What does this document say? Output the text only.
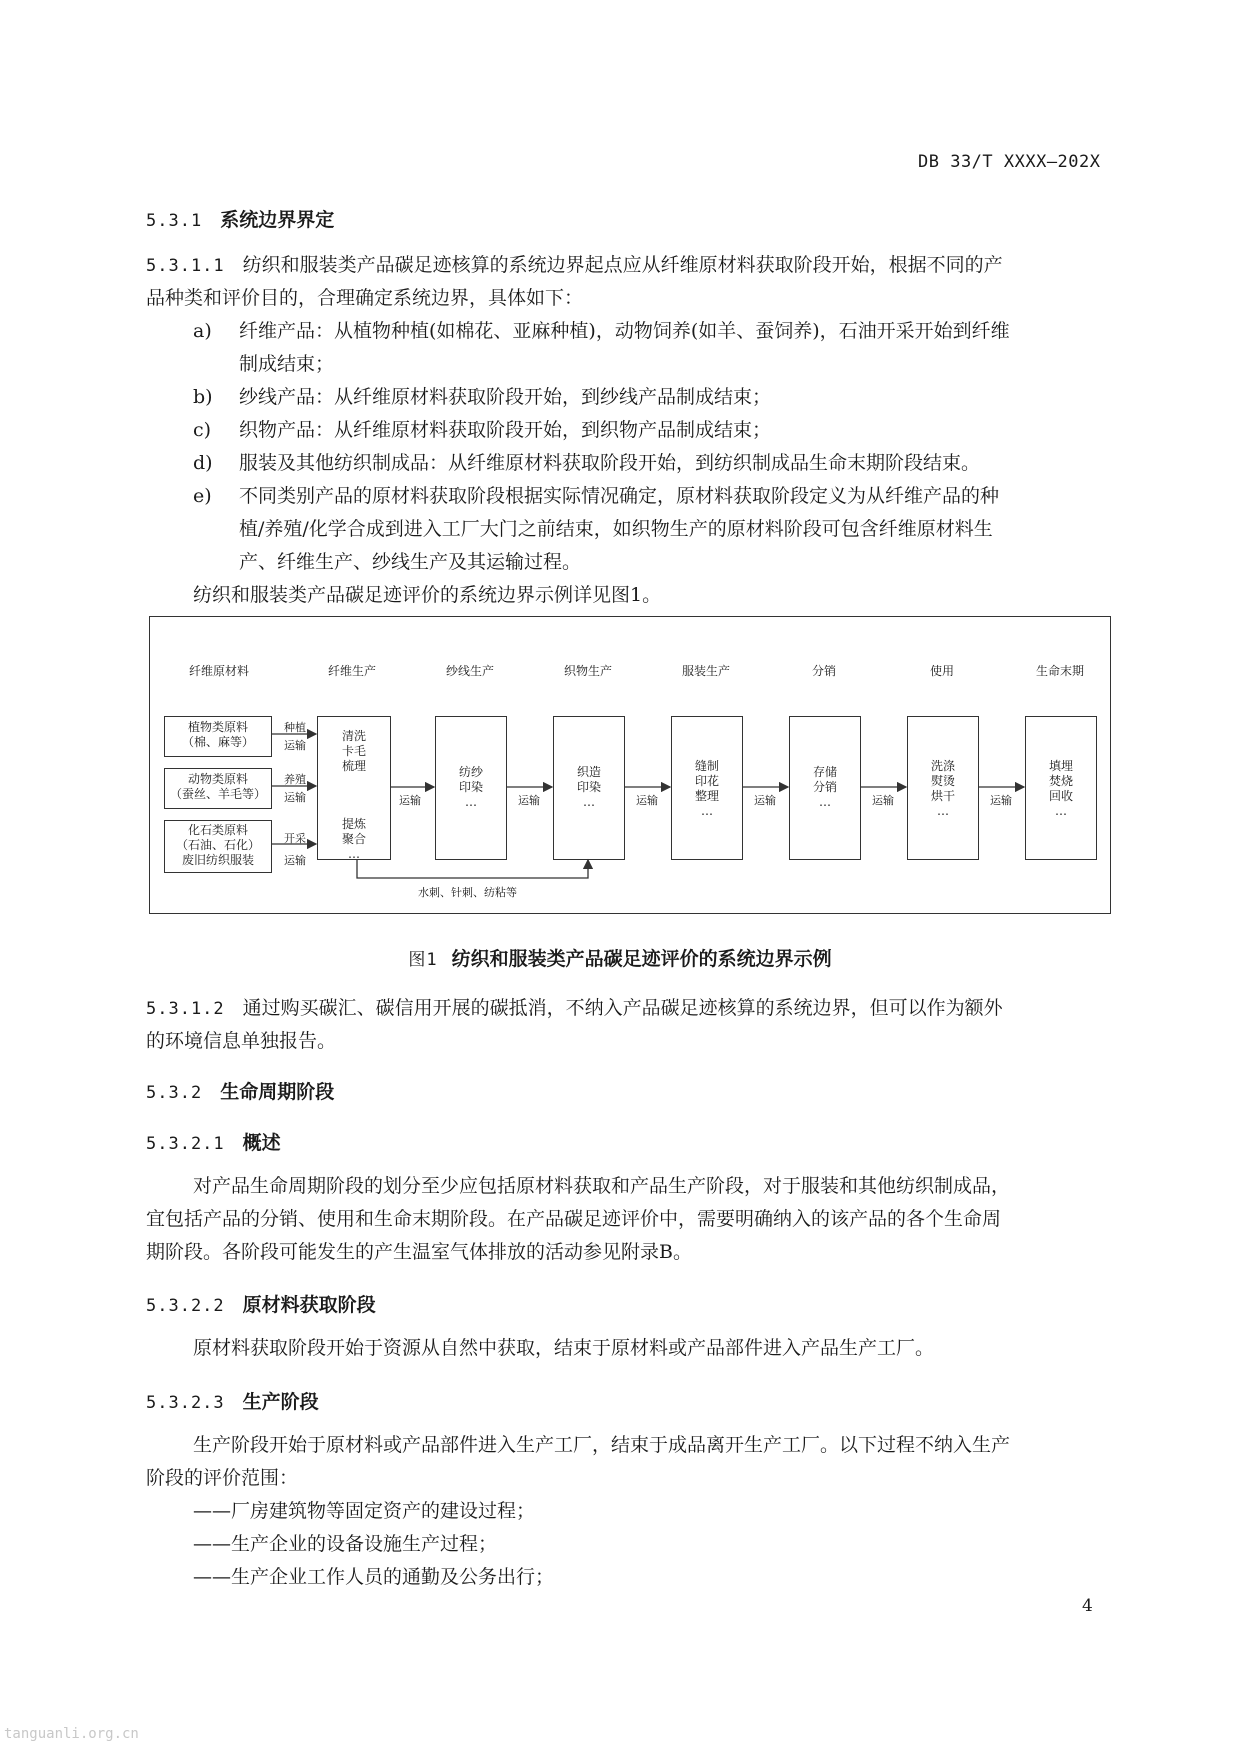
DB 33/T XXXX—202X
5.3.1 系统边界界定
5.3.1.1 纺织和服装类产品碳足迹核算的系统边界起点应从纤维原材料获取阶段开始，根据不同的产
品种类和评价目的，合理确定系统边界，具体如下：
a) 纤维产品：从植物种植(如棉花、亚麻种植)，动物饲养(如羊、蚕饲养)，石油开采开始到纤维
制成结束；
b) 纱线产品：从纤维原材料获取阶段开始，到纱线产品制成结束；
c) 织物产品：从纤维原材料获取阶段开始，到织物产品制成结束；
d) 服装及其他纺织制成品：从纤维原材料获取阶段开始，到纺织制成品生命末期阶段结束。
e) 不同类别产品的原材料获取阶段根据实际情况确定，原材料获取阶段定义为从纤维产品的种
植/养殖/化学合成到进入工厂大门之前结束，如织物生产的原材料阶段可包含纤维原材料生
产、纤维生产、纱线生产及其运输过程。
纺织和服装类产品碳足迹评价的系统边界示例详见图1。
纤维原材料	纤维生产	纱线生产	织物生产	服装生产	分销	使用	生命末期
植物类原料
（棉、麻等）
动物类原料
（蚕丝、羊毛等）
化石类原料
（石油、石化）
废旧纺织服装
种植
运输
养殖
运输
开采
运输
清洗
卡毛
梳理
提炼
聚合
…
纺纱
印染
…
织造
印染
…
缝制
印花
整理
…
存储
分销
…
洗涤
熨烫
烘干
…
填埋
焚烧
回收
…
运输	运输	运输	运输	运输	运输
水刺、针刺、纺粘等
图1 纺织和服装类产品碳足迹评价的系统边界示例
5.3.1.2 通过购买碳汇、碳信用开展的碳抵消，不纳入产品碳足迹核算的系统边界，但可以作为额外
的环境信息单独报告。
5.3.2 生命周期阶段
5.3.2.1 概述
对产品生命周期阶段的划分至少应包括原材料获取和产品生产阶段，对于服装和其他纺织制成品，
宜包括产品的分销、使用和生命末期阶段。在产品碳足迹评价中，需要明确纳入的该产品的各个生命周
期阶段。各阶段可能发生的产生温室气体排放的活动参见附录B。
5.3.2.2 原材料获取阶段
原材料获取阶段开始于资源从自然中获取，结束于原材料或产品部件进入产品生产工厂。
5.3.2.3 生产阶段
生产阶段开始于原材料或产品部件进入生产工厂，结束于成品离开生产工厂。以下过程不纳入生产
阶段的评价范围：
——厂房建筑物等固定资产的建设过程；
——生产企业的设备设施生产过程；
——生产企业工作人员的通勤及公务出行；
4
tanguanli.org.cn
